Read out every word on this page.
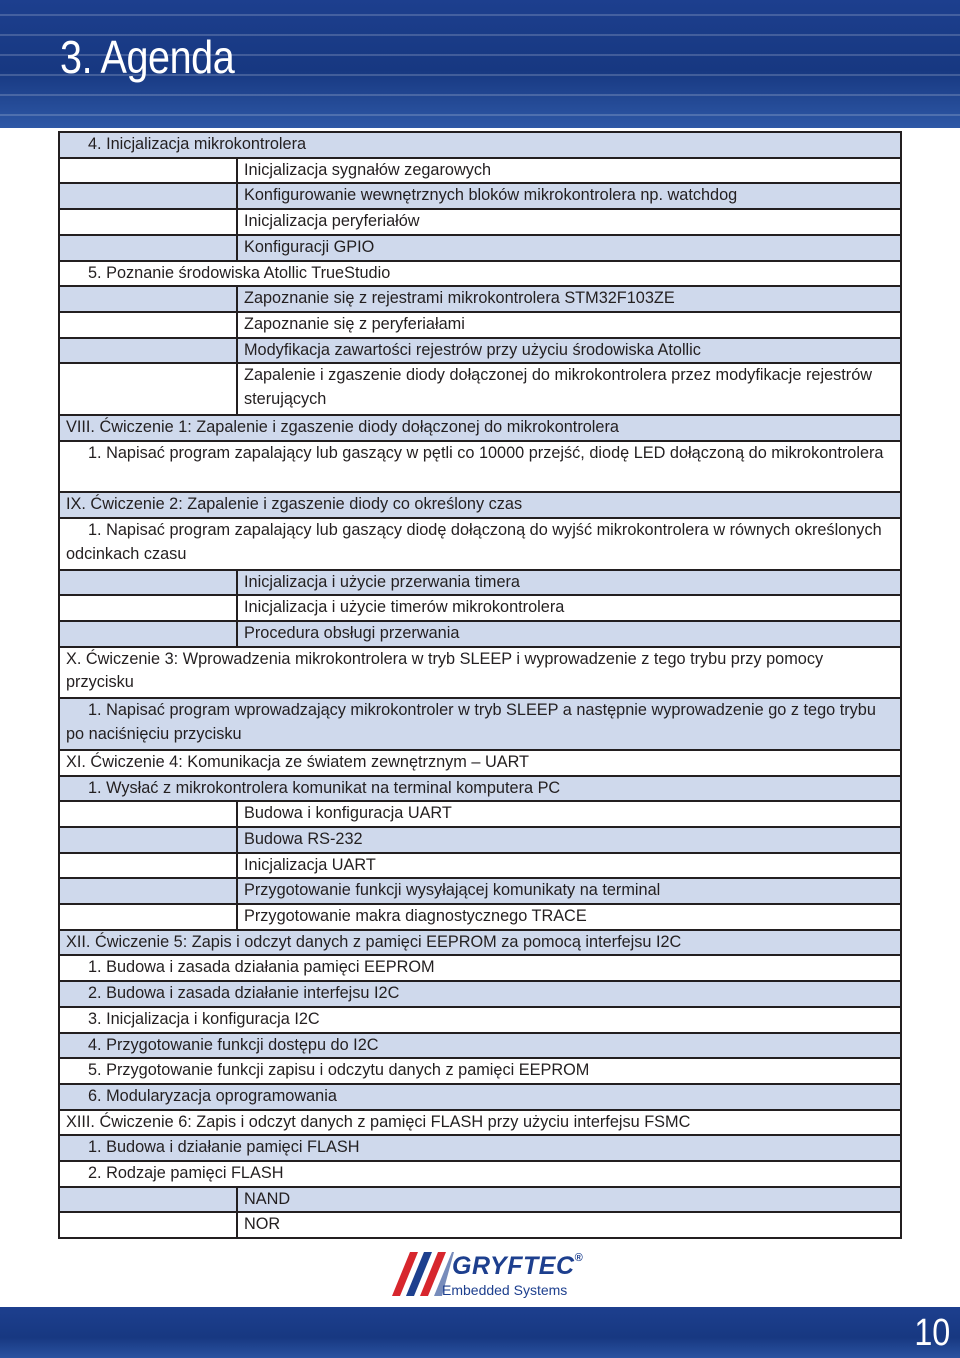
3. Agenda
4. Inicjalizacja mikrokontrolera	
	Inicjalizacja sygnałów zegarowych
	Konfigurowanie wewnętrznych bloków mikrokontrolera np. watchdog
	Inicjalizacja peryferiałów
	Konfiguracji GPIO
5. Poznanie środowiska Atollic TrueStudio	
	Zapoznanie się z rejestrami mikrokontrolera STM32F103ZE
	Zapoznanie się z peryferiałami
	Modyfikacja zawartości rejestrów przy użyciu środowiska Atollic
	Zapalenie i zgaszenie diody dołączonej do mikrokontrolera przez modyfikacje rejestrów sterujących
VIII. Ćwiczenie 1: Zapalenie i zgaszenie diody dołączonej do mikrokontrolera	
1. Napisać program zapalający lub gaszący w pętli co 10000 przejść, diodę LED dołączoną do mikrokontrolera	
IX. Ćwiczenie 2: Zapalenie i zgaszenie diody co określony czas	
1. Napisać program zapalający lub gaszący diodę dołączoną do wyjść mikrokontrolera w równych określonych odcinkach czasu	
	Inicjalizacja i użycie przerwania timera
	Inicjalizacja i użycie timerów mikrokontrolera
	Procedura obsługi przerwania
X. Ćwiczenie 3: Wprowadzenia mikrokontrolera w tryb SLEEP i wyprowadzenie z tego trybu przy pomocy przycisku	
1. Napisać program wprowadzający mikrokontroler w tryb SLEEP a następnie wyprowadzenie go z tego trybu po naciśnięciu przycisku	
XI. Ćwiczenie 4: Komunikacja ze światem zewnętrznym – UART	
1. Wysłać z mikrokontrolera komunikat na terminal komputera PC	
	Budowa i konfiguracja UART
	Budowa RS-232
	Inicjalizacja UART
	Przygotowanie funkcji wysyłającej komunikaty na terminal
	Przygotowanie makra diagnostycznego TRACE
XII. Ćwiczenie 5: Zapis i odczyt danych z pamięci EEPROM za pomocą interfejsu I2C	
1. Budowa i zasada działania pamięci EEPROM	
2. Budowa i zasada działanie interfejsu I2C	
3. Inicjalizacja i konfiguracja I2C	
4. Przygotowanie funkcji dostępu do I2C	
5. Przygotowanie funkcji zapisu i odczytu danych z pamięci EEPROM	
6. Modularyzacja oprogramowania	
XIII. Ćwiczenie 6: Zapis i odczyt danych z pamięci FLASH przy użyciu interfejsu FSMC	
1. Budowa i działanie pamięci FLASH	
2. Rodzaje pamięci FLASH	
	NAND
	NOR
GRYFTEC®
Embedded Systems
10
